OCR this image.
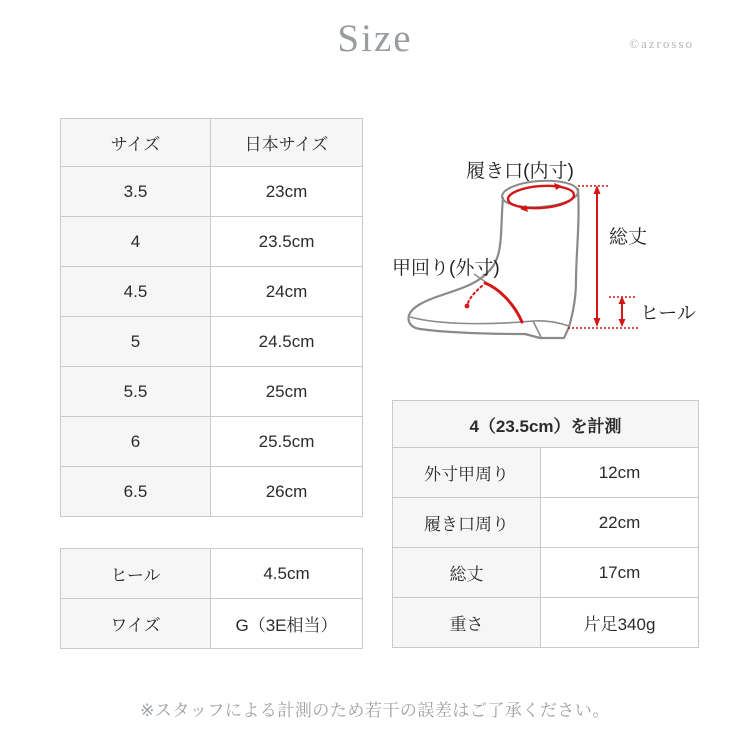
Size	©azrosso
サイズ	日本サイズ
3.5	23cm
4	23.5cm
4.5	24cm
5	24.5cm
5.5	25cm
6	25.5cm
6.5	26cm
ヒール	4.5cm
ワイズ	G（3E相当）
履き口(内寸)
甲回り(外寸)
総丈
ヒール
4（23.5cm）を計測	
外寸甲周り	12cm
履き口周り	22cm
総丈	17cm
重さ	片足340g
※スタッフによる計測のため若干の誤差はご了承ください。
